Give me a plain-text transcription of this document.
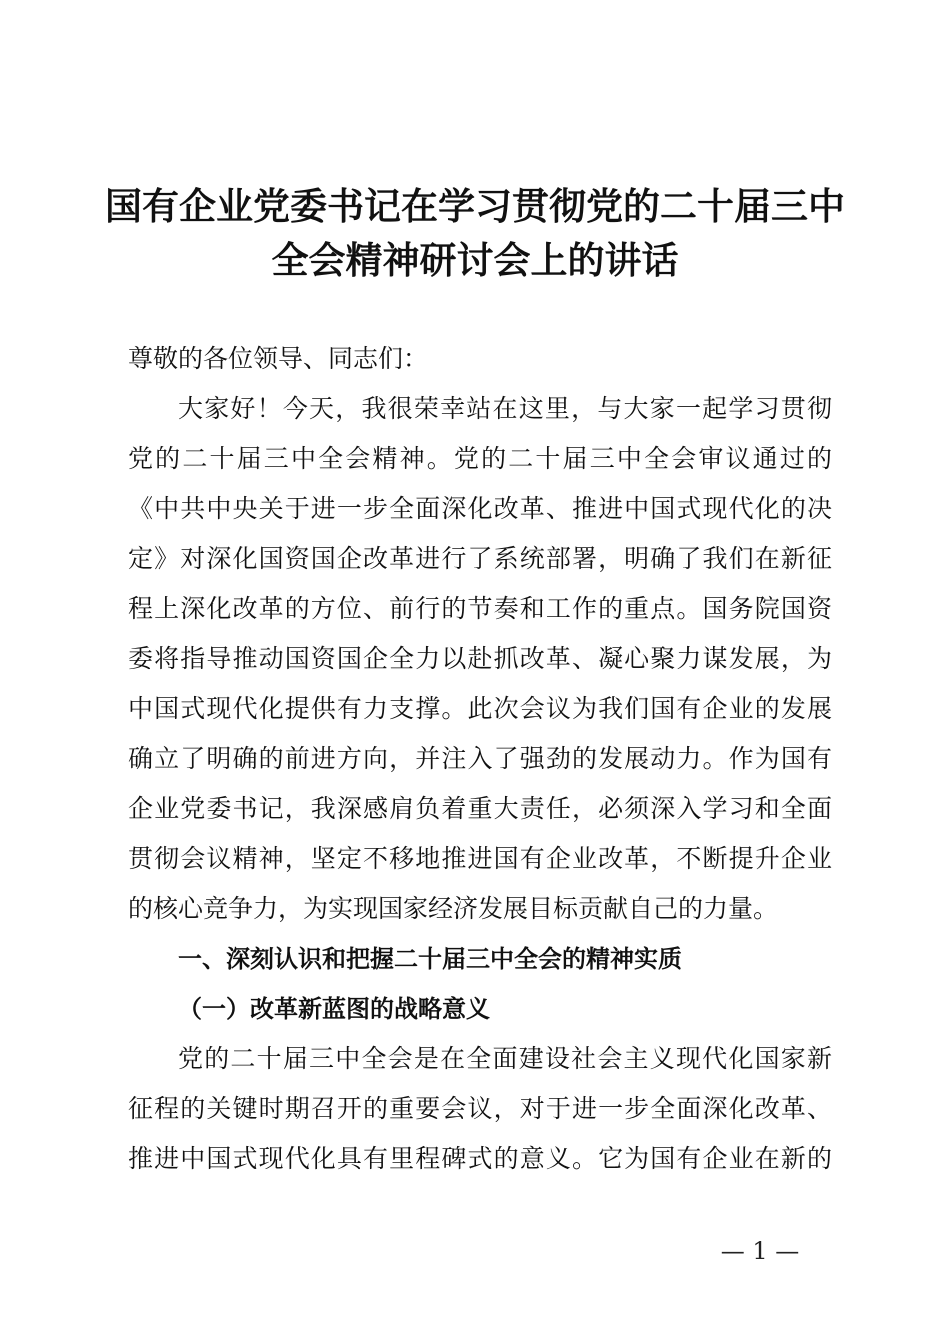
国有企业党委书记在学习贯彻党的二十届三中
全会精神研讨会上的讲话

尊敬的各位领导、同志们：

大家好！今天，我很荣幸站在这里，与大家一起学习贯彻
党的二十届三中全会精神。党的二十届三中全会审议通过的
《中共中央关于进一步全面深化改革、推进中国式现代化的决
定》对深化国资国企改革进行了系统部署，明确了我们在新征
程上深化改革的方位、前行的节奏和工作的重点。国务院国资
委将指导推动国资国企全力以赴抓改革、凝心聚力谋发展，为
中国式现代化提供有力支撑。此次会议为我们国有企业的发展
确立了明确的前进方向，并注入了强劲的发展动力。作为国有
企业党委书记，我深感肩负着重大责任，必须深入学习和全面
贯彻会议精神，坚定不移地推进国有企业改革，不断提升企业
的核心竞争力，为实现国家经济发展目标贡献自己的力量。

一、深刻认识和把握二十届三中全会的精神实质
（一）改革新蓝图的战略意义

党的二十届三中全会是在全面建设社会主义现代化国家新
征程的关键时期召开的重要会议，对于进一步全面深化改革、
推进中国式现代化具有里程碑式的意义。它为国有企业在新的

— 1 —
